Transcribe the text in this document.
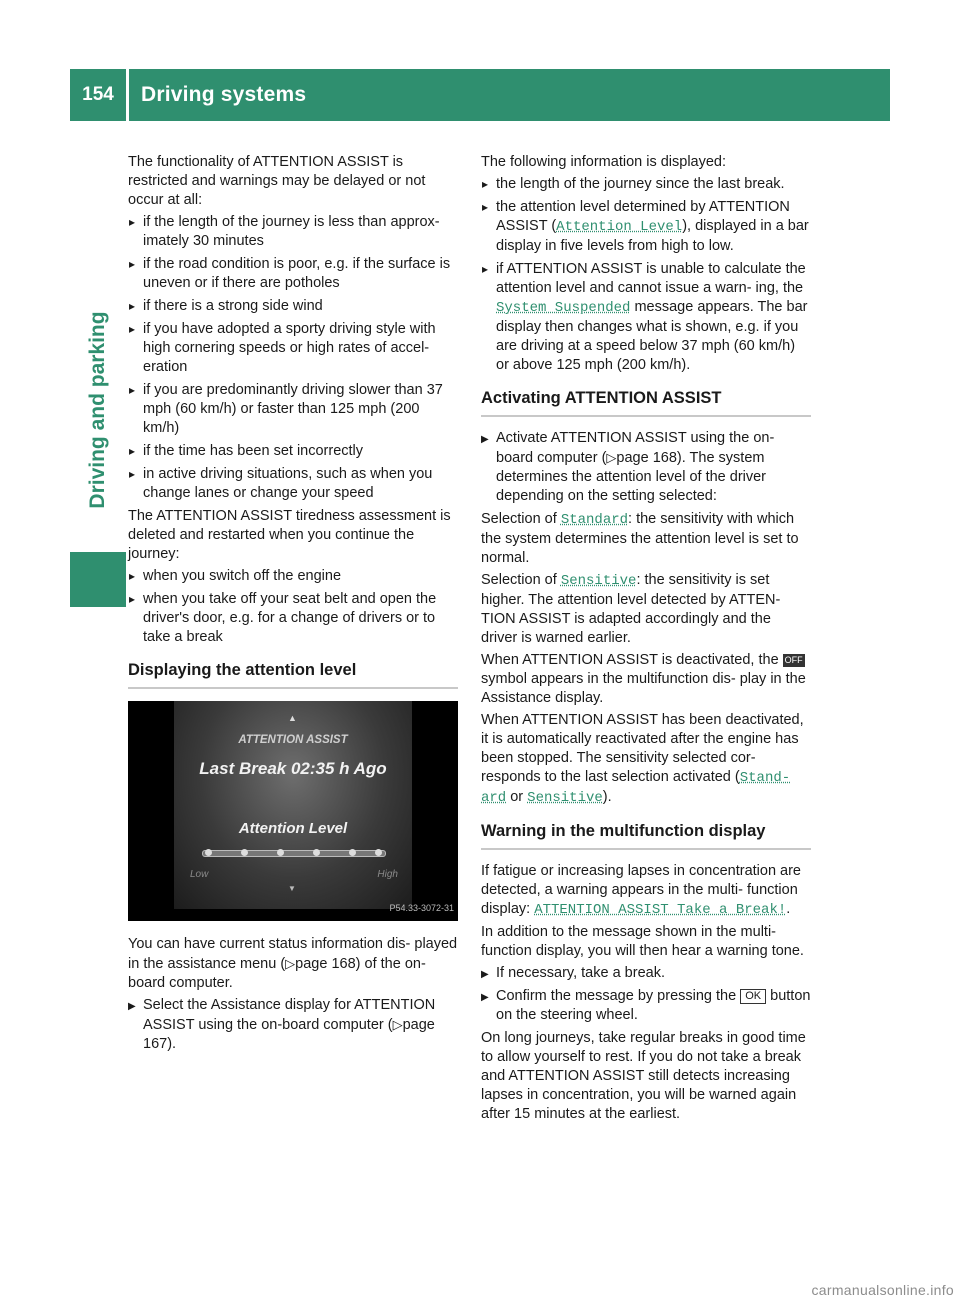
154	Driving systems
Driving and parking

The functionality of ATTENTION ASSIST is restricted and warnings may be delayed or not occur at all:

▸ if the length of the journey is less than approx- imately 30 minutes
▸ if the road condition is poor, e.g. if the surface is uneven or if there are potholes
▸ if there is a strong side wind
▸ if you have adopted a sporty driving style with high cornering speeds or high rates of accel- eration
▸ if you are predominantly driving slower than 37 mph (60 km/h) or faster than 125 mph (200 km/h)
▸ if the time has been set incorrectly
▸ in active driving situations, such as when you change lanes or change your speed

The ATTENTION ASSIST tiredness assessment is deleted and restarted when you continue the journey:

▸ when you switch off the engine
▸ when you take off your seat belt and open the driver's door, e.g. for a change of drivers or to take a break
Displaying the attention level
▲
ATTENTION ASSIST
Last Break 02:35 h Ago
Attention Level
Low	High
▼
P54.33-3072-31

You can have current status information dis- played in the assistance menu (▷page 168) of the on-board computer.

▶ Select the Assistance display for ATTENTION ASSIST using the on-board computer (▷page 167).

The following information is displayed:

▸ the length of the journey since the last break.
▸ the attention level determined by ATTENTION ASSIST (Attention Level), displayed in a bar display in five levels from high to low.
▸ if ATTENTION ASSIST is unable to calculate the attention level and cannot issue a warn- ing, the System Suspended message appears. The bar display then changes what is shown, e.g. if you are driving at a speed below 37 mph (60 km/h) or above 125 mph (200 km/h).
Activating ATTENTION ASSIST
▶ Activate ATTENTION ASSIST using the on- board computer (▷page 168). The system determines the attention level of the driver depending on the setting selected:

Selection of Standard: the sensitivity with which the system determines the attention level is set to normal.

Selection of Sensitive: the sensitivity is set higher. The attention level detected by ATTEN- TION ASSIST is adapted accordingly and the driver is warned earlier.

When ATTENTION ASSIST is deactivated, the OFF symbol appears in the multifunction dis- play in the Assistance display.

When ATTENTION ASSIST has been deactivated, it is automatically reactivated after the engine has been stopped. The sensitivity selected cor- responds to the last selection activated (Stand‐ ard or Sensitive).

Warning in the multifunction display

If fatigue or increasing lapses in concentration are detected, a warning appears in the multi- function display: ATTENTION ASSIST Take a Break!.

In addition to the message shown in the multi- function display, you will then hear a warning tone.

▶ If necessary, take a break.
▶ Confirm the message by pressing the OK button on the steering wheel.

On long journeys, take regular breaks in good time to allow yourself to rest. If you do not take a break and ATTENTION ASSIST still detects increasing lapses in concentration, you will be warned again after 15 minutes at the earliest.

carmanualsonline.info
